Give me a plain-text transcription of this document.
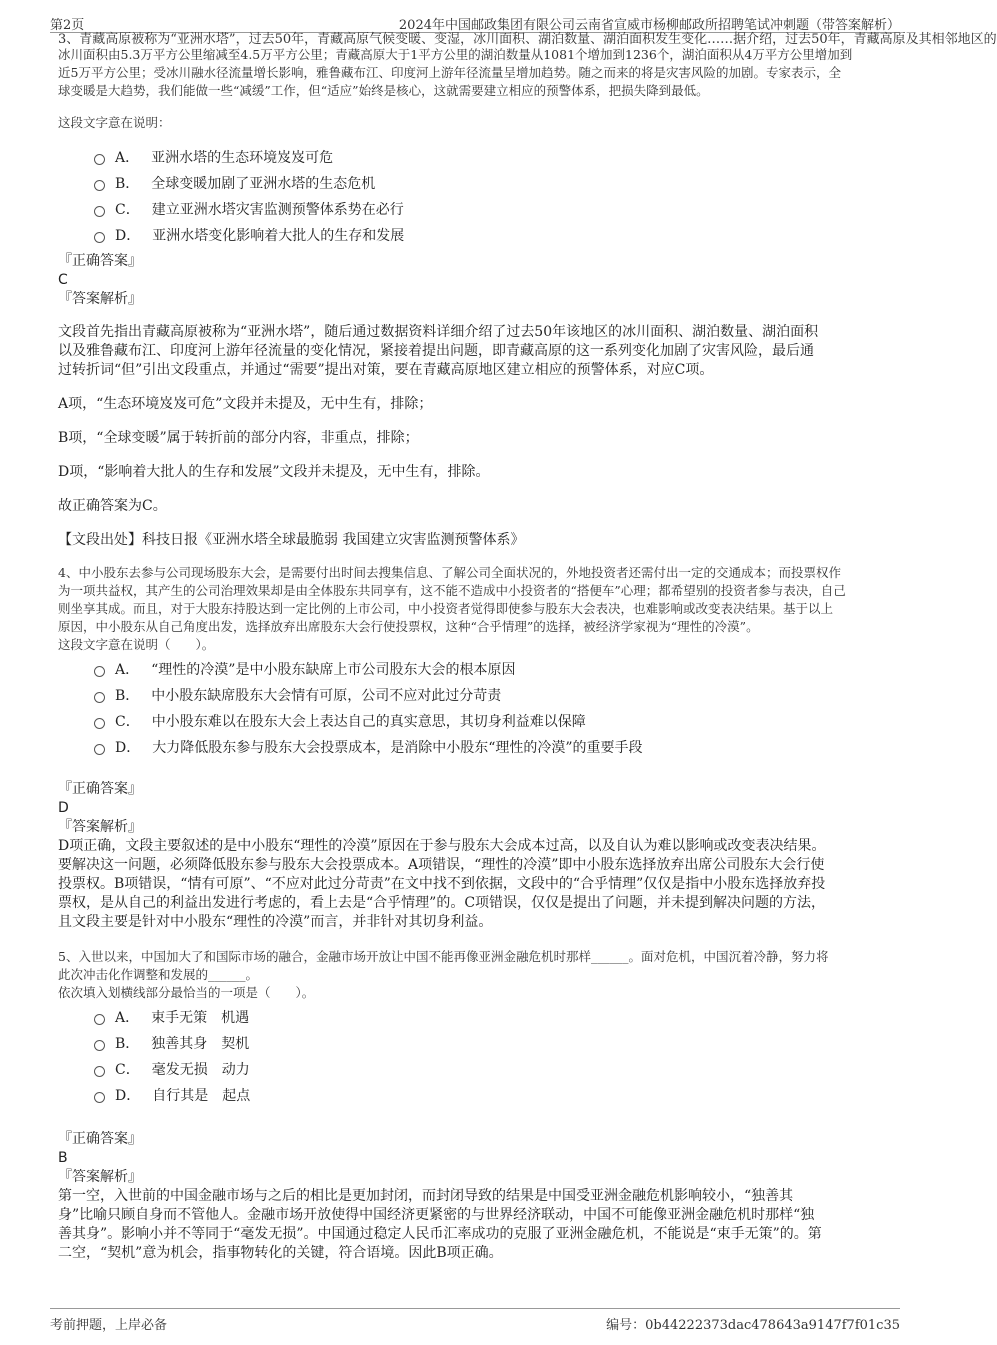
第2页	2024年中国邮政集团有限公司云南省宣威市杨柳邮政所招聘笔试冲刺题（带答案解析）
3、青藏高原被称为“亚洲水塔”，过去50年，青藏高原气候变暖、变湿，冰川面积、湖泊数量、湖泊面积发生变化……据介绍，过去50年，青藏高原及其相邻地区的

冰川面积由5.3万平方公里缩减至4.5万平方公里；青藏高原大于1平方公里的湖泊数量从1081个增加到1236个，湖泊面积从4万平方公里增加到

近5万平方公里；受冰川融水径流量增长影响，雅鲁藏布江、印度河上游年径流量呈增加趋势。随之而来的将是灾害风险的加剧。专家表示，全

球变暖是大趋势，我们能做一些“减缓”工作，但“适应”始终是核心，这就需要建立相应的预警体系，把损失降到最低。

这段文字意在说明：

A． 亚洲水塔的生态环境岌岌可危
B． 全球变暖加剧了亚洲水塔的生态危机
C． 建立亚洲水塔灾害监测预警体系势在必行
D． 亚洲水塔变化影响着大批人的生存和发展

『正确答案』

C

『答案解析』

文段首先指出青藏高原被称为“亚洲水塔”，随后通过数据资料详细介绍了过去50年该地区的冰川面积、湖泊数量、湖泊面积

以及雅鲁藏布江、印度河上游年径流量的变化情况，紧接着提出问题，即青藏高原的这一系列变化加剧了灾害风险，最后通

过转折词“但”引出文段重点，并通过“需要”提出对策，要在青藏高原地区建立相应的预警体系，对应C项。

A项，“生态环境岌岌可危”文段并未提及，无中生有，排除；

B项，“全球变暖”属于转折前的部分内容，非重点，排除；

D项，“影响着大批人的生存和发展”文段并未提及，无中生有，排除。

故正确答案为C。

【文段出处】科技日报《亚洲水塔全球最脆弱 我国建立灾害监测预警体系》

4、中小股东去参与公司现场股东大会，是需要付出时间去搜集信息、了解公司全面状况的，外地投资者还需付出一定的交通成本；而投票权作

为一项共益权，其产生的公司治理效果却是由全体股东共同享有，这不能不造成中小投资者的“搭便车”心理；都希望别的投资者参与表决，自己

则坐享其成。而且，对于大股东持股达到一定比例的上市公司，中小投资者觉得即使参与股东大会表决，也难影响或改变表决结果。基于以上

原因，中小股东从自己角度出发，选择放弃出席股东大会行使投票权，这种“合乎情理”的选择，被经济学家视为“理性的冷漠”。

这段文字意在说明（　　）。

A． “理性的冷漠”是中小股东缺席上市公司股东大会的根本原因
B． 中小股东缺席股东大会情有可原，公司不应对此过分苛责
C． 中小股东难以在股东大会上表达自己的真实意思，其切身利益难以保障
D． 大力降低股东参与股东大会投票成本，是消除中小股东“理性的冷漠”的重要手段

『正确答案』

D

『答案解析』

D项正确，文段主要叙述的是中小股东“理性的冷漠”原因在于参与股东大会成本过高，以及自认为难以影响或改变表决结果。

要解决这一问题，必须降低股东参与股东大会投票成本。A项错误，“理性的冷漠”即中小股东选择放弃出席公司股东大会行使

投票权。B项错误，“情有可原”、“不应对此过分苛责”在文中找不到依据，文段中的“合乎情理”仅仅是指中小股东选择放弃投

票权，是从自己的利益出发进行考虑的，看上去是“合乎情理”的。C项错误，仅仅是提出了问题，并未提到解决问题的方法，

且文段主要是针对中小股东“理性的冷漠”而言，并非针对其切身利益。

5、入世以来，中国加大了和国际市场的融合，金融市场开放让中国不能再像亚洲金融危机时那样______。面对危机，中国沉着冷静，努力将

此次冲击化作调整和发展的______。

依次填入划横线部分最恰当的一项是（　　）。

A． 束手无策　机遇
B． 独善其身　契机
C． 毫发无损　动力
D． 自行其是　起点

『正确答案』

B

『答案解析』

第一空，入世前的中国金融市场与之后的相比是更加封闭，而封闭导致的结果是中国受亚洲金融危机影响较小，“独善其

身”比喻只顾自身而不管他人。金融市场开放使得中国经济更紧密的与世界经济联动，中国不可能像亚洲金融危机时那样“独

善其身”。影响小并不等同于“毫发无损”。中国通过稳定人民币汇率成功的克服了亚洲金融危机，不能说是“束手无策”的。第

二空，“契机”意为机会，指事物转化的关键，符合语境。因此B项正确。

考前押题，上岸必备	编号：0b44222373dac478643a9147f7f01c35
